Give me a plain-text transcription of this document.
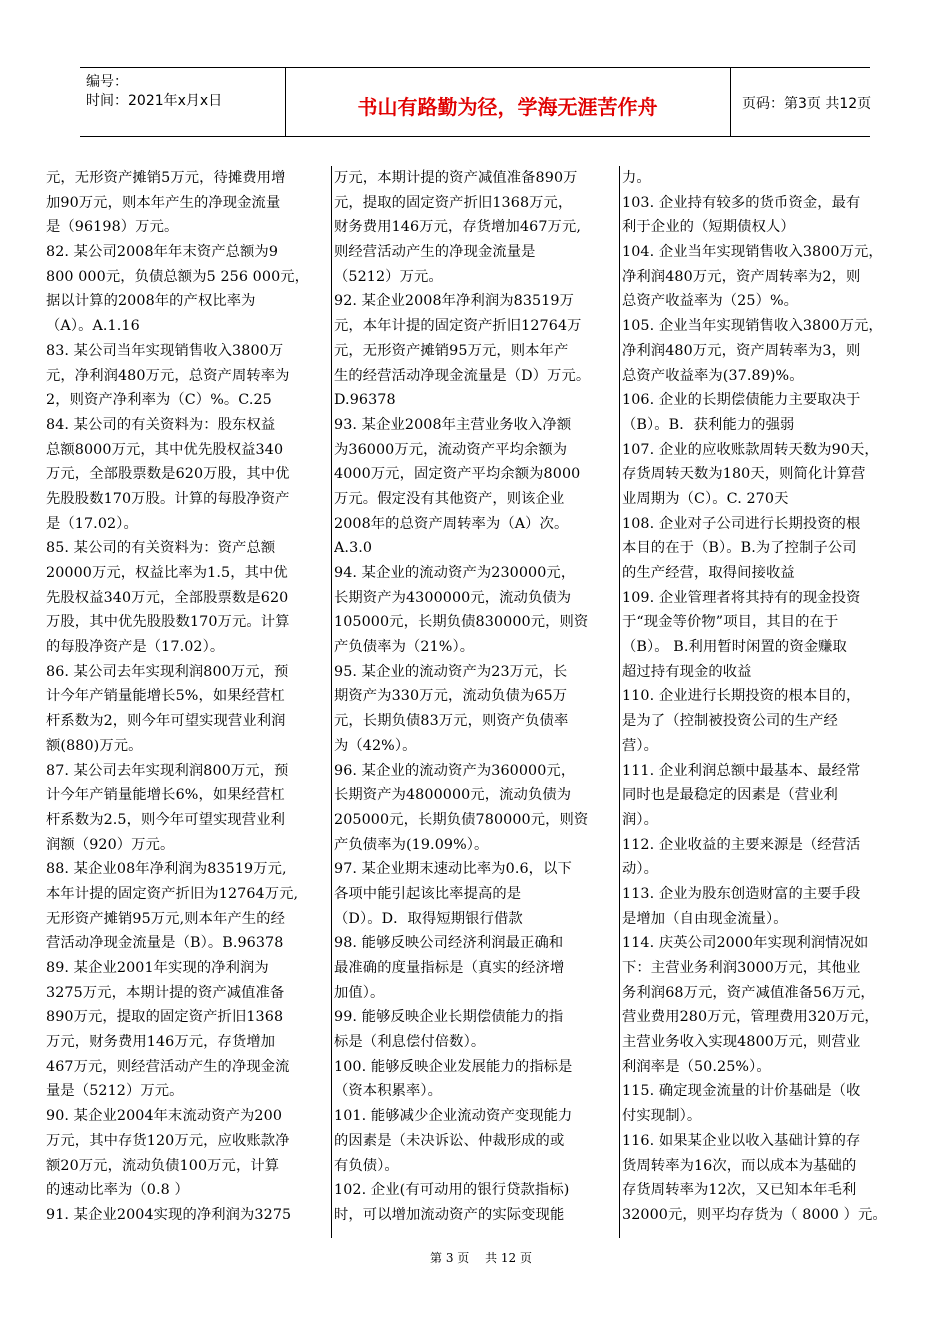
编号：
时间：2021年x月x日	书山有路勤为径，学海无涯苦作舟	页码：第3页 共12页
元，无形资产摊销5万元，待摊费用增
加90万元，则本年产生的净现金流量
是（96198）万元。
82. 某公司2008年年末资产总额为9
800 000元，负债总额为5 256 000元，
据以计算的2008年的产权比率为
（A）。A.1.16
83. 某公司当年实现销售收入3800万
元，净利润480万元，总资产周转率为
2，则资产净利率为（C）%。C.25
84. 某公司的有关资料为：股东权益
总额8000万元，其中优先股权益340
万元，全部股票数是620万股，其中优
先股股数170万股。计算的每股净资产
是（17.02）。
85. 某公司的有关资料为：资产总额
20000万元，权益比率为1.5，其中优
先股权益340万元，全部股票数是620
万股，其中优先股股数170万元。计算
的每股净资产是（17.02）。
86. 某公司去年实现利润800万元，预
计今年产销量能增长5%，如果经营杠
杆系数为2，则今年可望实现营业利润
额(880)万元。
87. 某公司去年实现利润800万元，预
计今年产销量能增长6%，如果经营杠
杆系数为2.5，则今年可望实现营业利
润额（920）万元。
88. 某企业08年净利润为83519万元,
本年计提的固定资产折旧为12764万元,
无形资产摊销95万元,则本年产生的经
营活动净现金流量是（B）。B.96378
89. 某企业2001年实现的净利润为
3275万元，本期计提的资产减值准备
890万元，提取的固定资产折旧1368
万元，财务费用146万元，存货增加
467万元，则经营活动产生的净现金流
量是（5212）万元。
90. 某企业2004年末流动资产为200
万元，其中存货120万元，应收账款净
额20万元，流动负债100万元，计算
的速动比率为（0.8 ）
91. 某企业2004实现的净利润为3275
万元，本期计提的资产减值准备890万
元，提取的固定资产折旧1368万元，
财务费用146万元，存货增加467万元,
则经营活动产生的净现金流量是
（5212）万元。
92. 某企业2008年净利润为83519万
元，本年计提的固定资产折旧12764万
元，无形资产摊销95万元，则本年产
生的经营活动净现金流量是（D）万元。
D.96378
93. 某企业2008年主营业务收入净额
为36000万元，流动资产平均余额为
4000万元，固定资产平均余额为8000
万元。假定没有其他资产，则该企业
2008年的总资产周转率为（A）次。
A.3.0
94. 某企业的流动资产为230000元，
长期资产为4300000元，流动负债为
105000元，长期负债830000元，则资
产负债率为（21%）。
95. 某企业的流动资产为23万元，长
期资产为330万元，流动负债为65万
元，长期负债83万元，则资产负债率
为（42%）。
96. 某企业的流动资产为360000元，
长期资产为4800000元，流动负债为
205000元，长期负债780000元，则资
产负债率为(19.09%）。
97. 某企业期末速动比率为0.6，以下
各项中能引起该比率提高的是
（D）。D．取得短期银行借款
98. 能够反映公司经济利润最正确和
最准确的度量指标是（真实的经济增
加值）。
99. 能够反映企业长期偿债能力的指
标是（利息偿付倍数）。
100. 能够反映企业发展能力的指标是
（资本积累率）。
101. 能够减少企业流动资产变现能力
的因素是（未决诉讼、仲裁形成的或
有负债）。
102. 企业(有可动用的银行贷款指标)
时，可以增加流动资产的实际变现能
力。
103. 企业持有较多的货币资金，最有
利于企业的（短期债权人）
104. 企业当年实现销售收入3800万元，
净利润480万元，资产周转率为2，则
总资产收益率为（25）%。
105. 企业当年实现销售收入3800万元，
净利润480万元，资产周转率为3，则
总资产收益率为(37.89)%。
106. 企业的长期偿债能力主要取决于
（B）。B．获利能力的强弱
107. 企业的应收账款周转天数为90天，
存货周转天数为180天，则简化计算营
业周期为（C）。C. 270天
108. 企业对子公司进行长期投资的根
本目的在于（B）。B.为了控制子公司
的生产经营，取得间接收益
109. 企业管理者将其持有的现金投资
于“现金等价物”项目，其目的在于
（B）。 B.利用暂时闲置的资金赚取
超过持有现金的收益
110. 企业进行长期投资的根本目的，
是为了（控制被投资公司的生产经
营）。
111. 企业利润总额中最基本、最经常
同时也是最稳定的因素是（营业利
润）。
112. 企业收益的主要来源是（经营活
动）。
113. 企业为股东创造财富的主要手段
是增加（自由现金流量）。
114. 庆英公司2000年实现利润情况如
下：主营业务利润3000万元，其他业
务利润68万元，资产减值准备56万元，
营业费用280万元，管理费用320万元，
主营业务收入实现4800万元，则营业
利润率是（50.25%）。
115. 确定现金流量的计价基础是（收
付实现制）。
116. 如果某企业以收入基础计算的存
货周转率为16次，而以成本为基础的
存货周转率为12次，又已知本年毛利
32000元，则平均存货为（ 8000 ）元。
第 3 页 共 12 页
